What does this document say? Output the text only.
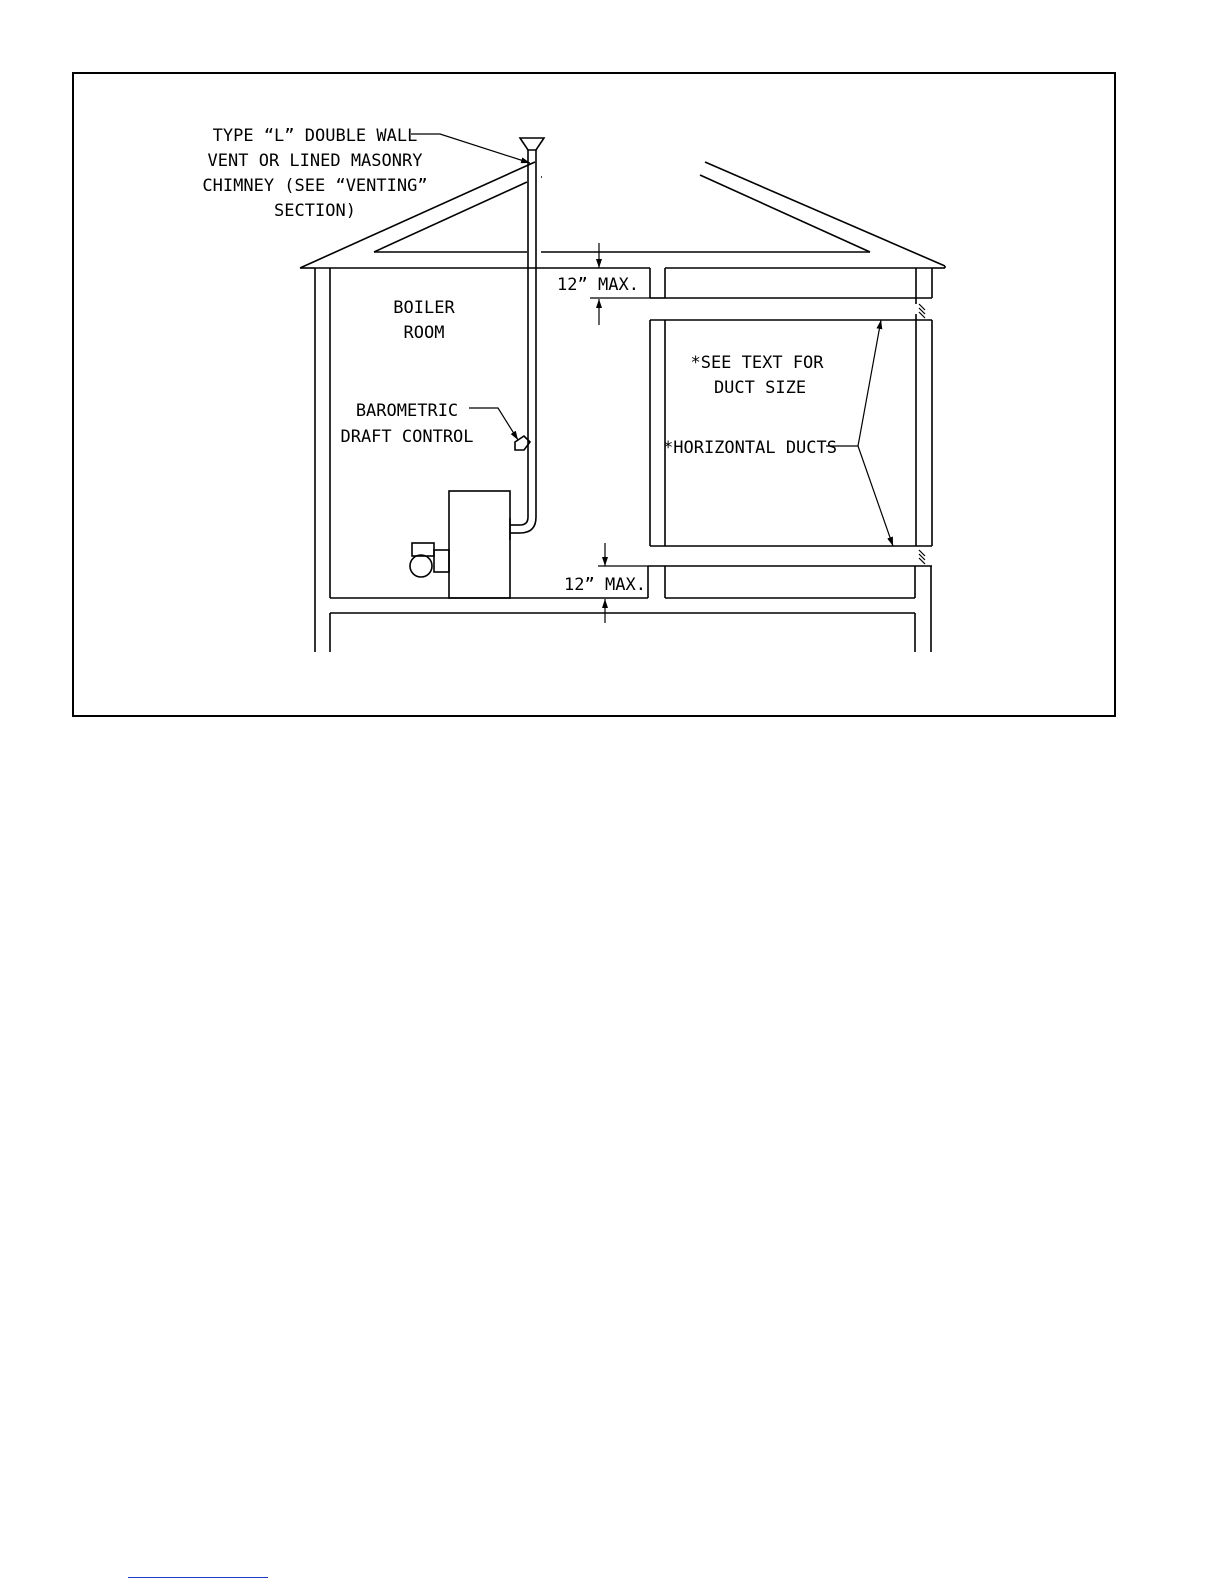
TYPE “L” DOUBLE WALL
VENT OR LINED MASONRY
CHIMNEY (SEE “VENTING”
SECTION)
BOILER
ROOM
BAROMETRIC
DRAFT CONTROL
12” MAX.
12” MAX.
*SEE TEXT FOR
DUCT SIZE
*HORIZONTAL DUCTS
